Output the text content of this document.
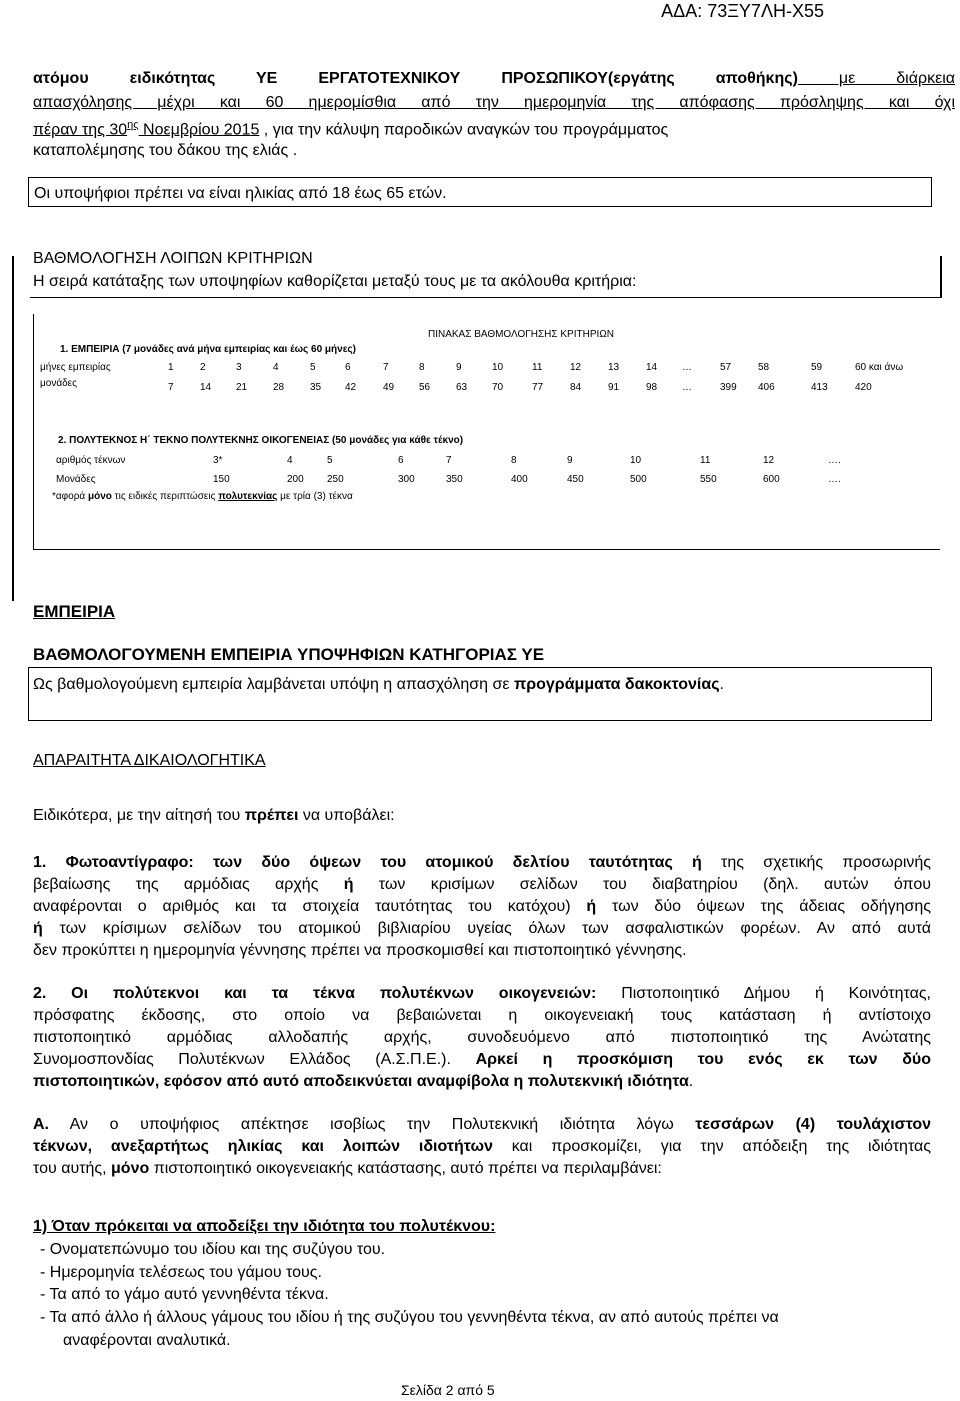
ΑΔΑ: 73ΞΥ7ΛΗ-Χ55
ατόμου ειδικότητας ΥΕ ΕΡΓΑΤΟΤΕΧΝΙΚΟΥ ΠΡΟΣΩΠΙΚΟΥ(εργάτης αποθήκης) με διάρκεια
απασχόλησης μέχρι και 60 ημερομίσθια από την ημερομηνία της απόφασης πρόσληψης και όχι
πέραν της $30^{\eta\varsigma}$ Νοεμβρίου 2015 , για την κάλυψη παροδικών αναγκών του προγράμματος
καταπολέμησης του δάκου της ελιάς .
Οι υποψήφιοι πρέπει να είναι ηλικίας από 18 έως 65 ετών.
ΒΑΘΜΟΛΟΓΗΣΗ ΛΟΙΠΩΝ ΚΡΙΤΗΡΙΩΝ
Η σειρά κατάταξης των υποψηφίων καθορίζεται μεταξύ τους με τα ακόλουθα κριτήρια:
ΠΙΝΑΚΑΣ ΒΑΘΜΟΛΟΓΗΣΗΣ ΚΡΙΤΗΡΙΩΝ
1. ΕΜΠΕΙΡΙΑ (7 μονάδες ανά μήνα εμπειρίας και έως 60 μήνες)
μήνες εμπειρίας	1	2	3	4	5	6	7	8	9	10	11	12	13	14 …	57	58	59	60 και άνω
μονάδες	7	14 21	28	35 42	49 56	63 70	77	84	91	98 …	399 406	413	420
2. ΠΟΛΥΤΕΚΝΟΣ Η΄ ΤΕΚΝΟ ΠΟΛΥΤΕΚΝΗΣ ΟΙΚΟΓΕΝΕΙΑΣ (50 μονάδες για κάθε τέκνο)
αριθμός τέκνων	3*	4	5	6	7	8	9	10	11	12	….
Μονάδες	150	200 250	300	350	400	450	500	550	600	….
*αφορά μόνο τις ειδικές περιπτώσεις πολυτεκνίας με τρία (3) τέκνα
ΕΜΠΕΙΡΙΑ
ΒΑΘΜΟΛΟΓΟΥΜΕΝΗ ΕΜΠΕΙΡΙΑ ΥΠΟΨΗΦΙΩΝ ΚΑΤΗΓΟΡΙΑΣ ΥΕ
Ως βαθμολογούμενη εμπειρία λαμβάνεται υπόψη η απασχόληση σε προγράμματα δακοκτονίας.
ΑΠΑΡΑΙΤΗΤΑ ΔΙΚΑΙΟΛΟΓΗΤΙΚΑ
Ειδικότερα, με την αίτησή του πρέπει να υποβάλει:
1. Φωτοαντίγραφο: των δύο όψεων του ατομικού δελτίου ταυτότητας ή της σχετικής προσωρινής
βεβαίωσης της αρμόδιας αρχής ή των κρισίμων σελίδων του διαβατηρίου (δηλ. αυτών όπου
αναφέρονται ο αριθμός και τα στοιχεία ταυτότητας του κατόχου) ή των δύο όψεων της άδειας οδήγησης
ή των κρίσιμων σελίδων του ατομικού βιβλιαρίου υγείας όλων των ασφαλιστικών φορέων. Αν από αυτά
δεν προκύπτει η ημερομηνία γέννησης πρέπει να προσκομισθεί και πιστοποιητικό γέννησης.
2. Οι πολύτεκνοι και τα τέκνα πολυτέκνων οικογενειών: Πιστοποιητικό Δήμου ή Κοινότητας,
πρόσφατης έκδοσης, στο οποίο να βεβαιώνεται η οικογενειακή τους κατάσταση ή αντίστοιχο
πιστοποιητικό αρμόδιας αλλοδαπής αρχής, συνοδευόμενο από πιστοποιητικό της Ανώτατης
Συνομοσπονδίας Πολυτέκνων Ελλάδος (Α.Σ.Π.Ε.). Αρκεί η προσκόμιση του ενός εκ των δύο
πιστοποιητικών, εφόσον από αυτό αποδεικνύεται αναμφίβολα η πολυτεκνική ιδιότητα.
Α. Αν ο υποψήφιος απέκτησε ισοβίως την Πολυτεκνική ιδιότητα λόγω τεσσάρων (4) τουλάχιστον
τέκνων, ανεξαρτήτως ηλικίας και λοιπών ιδιοτήτων και προσκομίζει, για την απόδειξη της ιδιότητας
του αυτής, μόνο πιστοποιητικό οικογενειακής κατάστασης, αυτό πρέπει να περιλαμβάνει:
1) Όταν πρόκειται να αποδείξει την ιδιότητα του πολυτέκνου:
- Ονοματεπώνυμο του ιδίου και της συζύγου του.
- Ημερομηνία τελέσεως του γάμου τους.
- Τα από το γάμο αυτό γεννηθέντα τέκνα.
- Τα από άλλο ή άλλους γάμους του ιδίου ή της συζύγου του γεννηθέντα τέκνα, αν από αυτούς πρέπει να
αναφέρονται αναλυτικά.
Σελίδα 2 από 5
